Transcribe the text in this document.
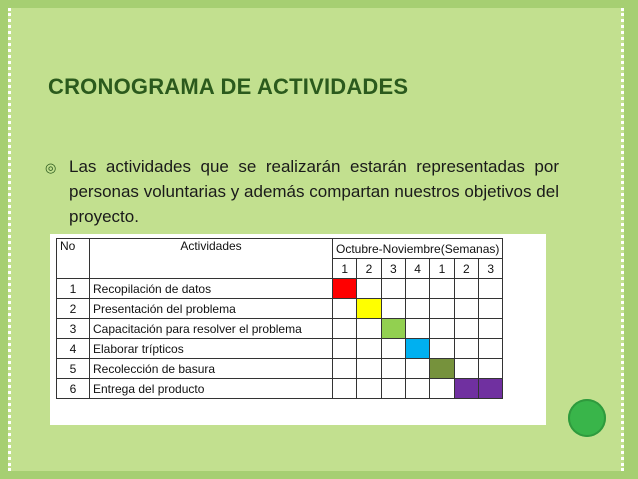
CRONOGRAMA DE ACTIVIDADES
◎ Las actividades que se realizarán estarán representadas por personas voluntarias y además compartan nuestros objetivos del proyecto.
No	Actividades	Octubre-Noviembre(Semanas)						
		1	2	3	4	1	2	3
1	Recopilación de datos							
2	Presentación del problema							
3	Capacitación para resolver el problema							
4	Elaborar trípticos							
5	Recolección de basura							
6	Entrega del producto							
